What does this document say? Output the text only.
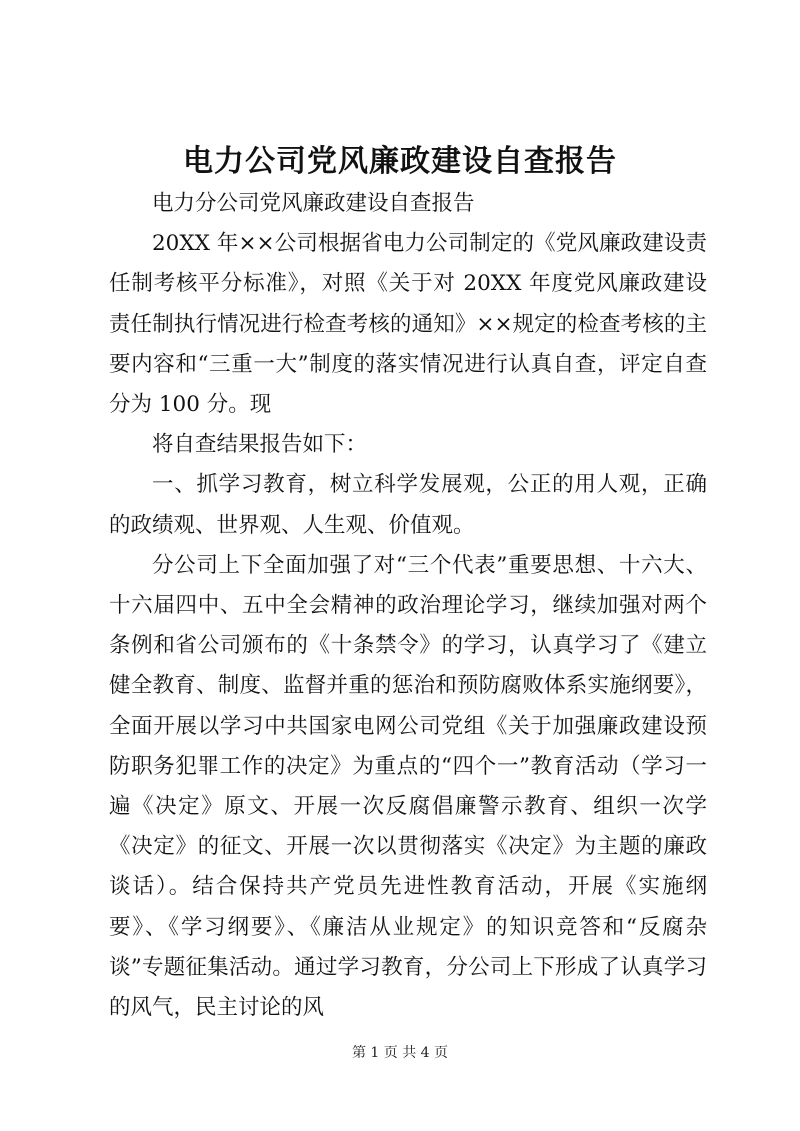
电力公司党风廉政建设自查报告

电力分公司党风廉政建设自查报告

20XX 年××公司根据省电力公司制定的《党风廉政建设责任制考核平分标准》，对照《关于对 20XX 年度党风廉政建设责任制执行情况进行检查考核的通知》××规定的检查考核的主要内容和“三重一大”制度的落实情况进行认真自查，评定自查分为 100 分。现

将自查结果报告如下：

一、抓学习教育，树立科学发展观，公正的用人观，正确的政绩观、世界观、人生观、价值观。

分公司上下全面加强了对“三个代表”重要思想、十六大、十六届四中、五中全会精神的政治理论学习，继续加强对两个条例和省公司颁布的《十条禁令》的学习，认真学习了《建立健全教育、制度、监督并重的惩治和预防腐败体系实施纲要》，全面开展以学习中共国家电网公司党组《关于加强廉政建设预防职务犯罪工作的决定》为重点的“四个一”教育活动（学习一遍《决定》原文、开展一次反腐倡廉警示教育、组织一次学《决定》的征文、开展一次以贯彻落实《决定》为主题的廉政谈话）。结合保持共产党员先进性教育活动，开展《实施纲要》、《学习纲要》、《廉洁从业规定》的知识竞答和“反腐杂谈”专题征集活动。通过学习教育，分公司上下形成了认真学习的风气，民主讨论的风

第 1 页 共 4 页
